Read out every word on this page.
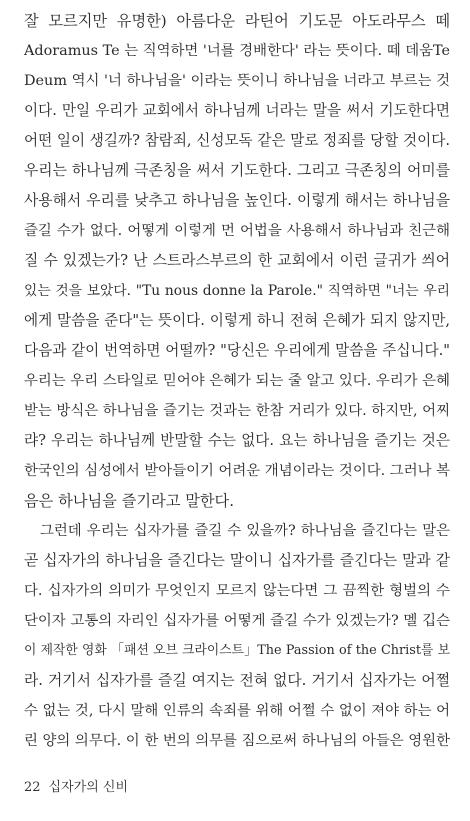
잘 모르지만 유명한) 아름다운 라틴어 기도문 아도라무스 떼
Adoramus Te 는 직역하면 '너를 경배한다' 라는 뜻이다. 떼 데움Te
Deum 역시 '너 하나님을' 이라는 뜻이니 하나님을 너라고 부르는 것
이다. 만일 우리가 교회에서 하나님께 너라는 말을 써서 기도한다면
어떤 일이 생길까? 참람죄, 신성모독 같은 말로 정죄를 당할 것이다.
우리는 하나님께 극존칭을 써서 기도한다. 그리고 극존칭의 어미를
사용해서 우리를 낮추고 하나님을 높인다. 이렇게 해서는 하나님을
즐길 수가 없다. 어떻게 이렇게 먼 어법을 사용해서 하나님과 친근해
질 수 있겠는가? 난 스트라스부르의 한 교회에서 이런 글귀가 씌어
있는 것을 보았다. "Tu nous donne la Parole." 직역하면 "너는 우리
에게 말씀을 준다"는 뜻이다. 이렇게 하니 전혀 은혜가 되지 않지만,
다음과 같이 번역하면 어떨까? "당신은 우리에게 말씀을 주십니다."
우리는 우리 스타일로 믿어야 은혜가 되는 줄 알고 있다. 우리가 은혜
받는 방식은 하나님을 즐기는 것과는 한참 거리가 있다. 하지만, 어찌
랴? 우리는 하나님께 반말할 수는 없다. 요는 하나님을 즐기는 것은
한국인의 심성에서 받아들이기 어려운 개념이라는 것이다. 그러나 복
음은 하나님을 즐기라고 말한다.
그런데 우리는 십자가를 즐길 수 있을까? 하나님을 즐긴다는 말은
곧 십자가의 하나님을 즐긴다는 말이니 십자가를 즐긴다는 말과 같
다. 십자가의 의미가 무엇인지 모르지 않는다면 그 끔찍한 형벌의 수
단이자 고통의 자리인 십자가를 어떻게 즐길 수가 있겠는가? 멜 깁슨
이 제작한 영화 「패션 오브 크라이스트」The Passion of the Christ를 보
라. 거기서 십자가를 즐길 여지는 전혀 없다. 거기서 십자가는 어쩔
수 없는 것, 다시 말해 인류의 속죄를 위해 어쩔 수 없이 져야 하는 어
린 양의 의무다. 이 한 번의 의무를 짐으로써 하나님의 아들은 영원한
22 십자가의 신비
